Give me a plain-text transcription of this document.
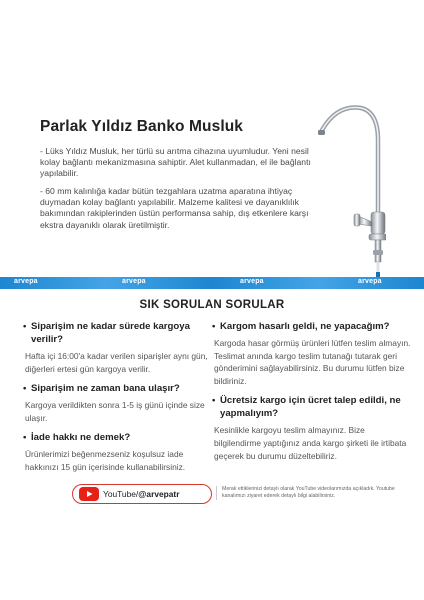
Parlak Yıldız Banko Musluk
- Lüks Yıldız Musluk, her türlü su arıtma cihazına uyumludur. Yeni nesil kolay bağlantı mekanizmasına sahiptir. Alet kullanmadan, el ile bağlantı yapılabilir.
- 60 mm kalınlığa kadar bütün tezgahlara uzatma aparatına ihtiyaç duymadan kolay bağlantı yapılabilir. Malzeme kalitesi ve dayanıklılık bakımından rakiplerinden üstün performansa sahip, dış etkenlere karşı ekstra dayanıklı olarak üretilmiştir.
arvepa	arvepa	arvepa	arvepa
SIK SORULAN SORULAR
• Siparişim ne kadar sürede kargoya verilir?
Hafta içi 16:00'a kadar verilen siparişler aynı gün, diğerleri ertesi gün kargoya verilir.
• Siparişim ne zaman bana ulaşır?
Kargoya verildikten sonra 1-5 iş günü içinde size ulaşır.
• İade hakkı ne demek?
Ürünlerimizi beğenmezseniz koşulsuz iade hakkınızı 15 gün içerisinde kullanabilirsiniz.
• Kargom hasarlı geldi, ne yapacağım?
Kargoda hasar görmüş ürünleri lütfen teslim almayın. Teslimat anında kargo teslim tutanağı tutarak geri gönderimini sağlayabilirsiniz. Bu durumu lütfen bize bildiriniz.
• Ücretsiz kargo için ücret talep edildi, ne yapmalıyım?
Kesinlikle kargoyu teslim almayınız. Bize bilgilendirme yaptığınız anda kargo şirketi ile irtibata geçerek bu durumu düzeltebiliriz.
YouTube/@arvepatr	Merak ettiklerinizi detaylı olarak YouTube videolarımızda açıkladık. Youtube kanalımızı ziyaret ederek detaylı bilgi alabilirsiniz.
